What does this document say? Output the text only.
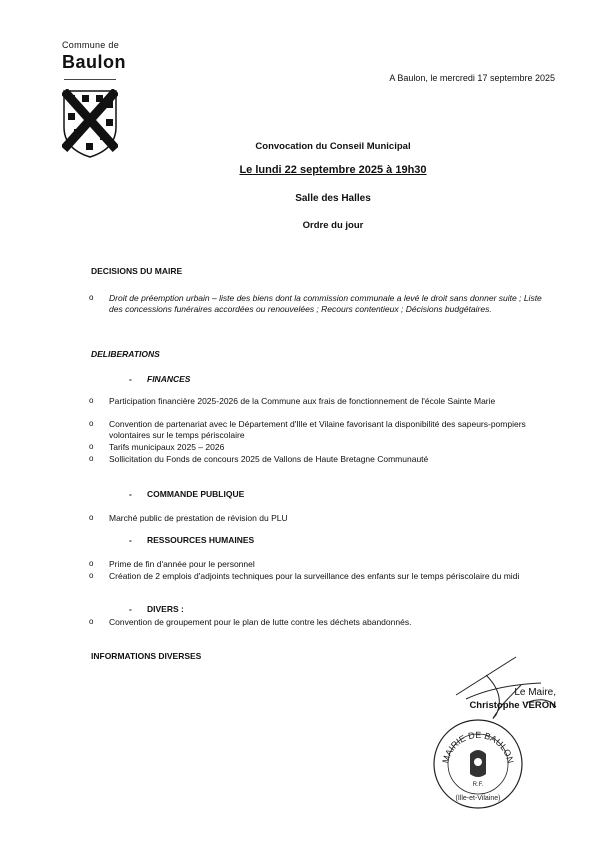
Commune de
Baulon
A Baulon, le mercredi 17 septembre 2025
Convocation du Conseil Municipal
Le lundi 22 septembre 2025 à 19h30
Salle des Halles
Ordre du jour
DECISIONS DU MAIRE
o Droit de préemption urbain – liste des biens dont la commission communale a levé le droit sans donner suite ; Liste des concessions funéraires accordées ou renouvelées ; Recours contentieux ; Décisions budgétaires.
DELIBERATIONS
- FINANCES
o Participation financière 2025-2026 de la Commune aux frais de fonctionnement de l'école Sainte Marie
o Convention de partenariat avec le Département d'Ille et Vilaine favorisant la disponibilité des sapeurs-pompiers volontaires sur le temps périscolaire
o Tarifs municipaux 2025 – 2026
o Sollicitation du Fonds de concours 2025 de Vallons de Haute Bretagne Communauté
- COMMANDE PUBLIQUE
o Marché public de prestation de révision du PLU
- RESSOURCES HUMAINES
o Prime de fin d'année pour le personnel
o Création de 2 emplois d'adjoints techniques pour la surveillance des enfants sur le temps périscolaire du midi
- DIVERS :
o Convention de groupement pour le plan de lutte contre les déchets abandonnés.
INFORMATIONS DIVERSES
Le Maire,
Christophe VERON
MAIRIE DE BAULON
R.F.
(Ille-et-Vilaine)
